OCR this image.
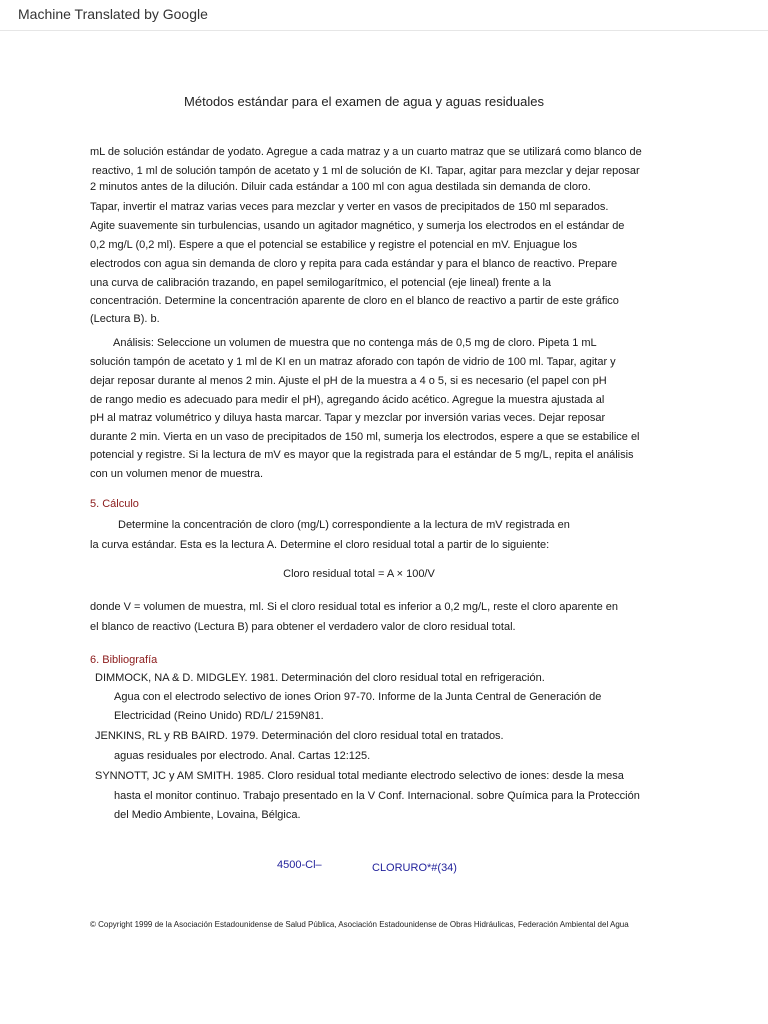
Machine Translated by Google
Métodos estándar para el examen de agua y aguas residuales
mL de solución estándar de yodato. Agregue a cada matraz y a un cuarto matraz que se utilizará como blanco de
reactivo, 1 ml de solución tampón de acetato y 1 ml de solución de KI. Tapar, agitar para mezclar y dejar reposar
2 minutos antes de la dilución. Diluir cada estándar a 100 ml con agua destilada sin demanda de cloro.
Tapar, invertir el matraz varias veces para mezclar y verter en vasos de precipitados de 150 ml separados.
Agite suavemente sin turbulencias, usando un agitador magnético, y sumerja los electrodos en el estándar de
0,2 mg/L (0,2 ml). Espere a que el potencial se estabilice y registre el potencial en mV. Enjuague los
electrodos con agua sin demanda de cloro y repita para cada estándar y para el blanco de reactivo. Prepare
una curva de calibración trazando, en papel semilogarítmico, el potencial (eje lineal) frente a la
concentración. Determine la concentración aparente de cloro en el blanco de reactivo a partir de este gráfico
(Lectura B). b.
Análisis: Seleccione un volumen de muestra que no contenga más de 0,5 mg de cloro. Pipeta 1 mL
solución tampón de acetato y 1 ml de KI en un matraz aforado con tapón de vidrio de 100 ml. Tapar, agitar y
dejar reposar durante al menos 2 min. Ajuste el pH de la muestra a 4 o 5, si es necesario (el papel con pH
de rango medio es adecuado para medir el pH), agregando ácido acético. Agregue la muestra ajustada al
pH al matraz volumétrico y diluya hasta marcar. Tapar y mezclar por inversión varias veces. Dejar reposar
durante 2 min. Vierta en un vaso de precipitados de 150 ml, sumerja los electrodos, espere a que se estabilice el
potencial y registre. Si la lectura de mV es mayor que la registrada para el estándar de 5 mg/L, repita el análisis
con un volumen menor de muestra.
5. Cálculo
Determine la concentración de cloro (mg/L) correspondiente a la lectura de mV registrada en
la curva estándar. Esta es la lectura A. Determine el cloro residual total a partir de lo siguiente:
Cloro residual total = A × 100/V
donde V = volumen de muestra, ml. Si el cloro residual total es inferior a 0,2 mg/L, reste el cloro aparente en
el blanco de reactivo (Lectura B) para obtener el verdadero valor de cloro residual total.
6. Bibliografía
DIMMOCK, NA & D. MIDGLEY. 1981. Determinación del cloro residual total en refrigeración.
Agua con el electrodo selectivo de iones Orion 97-70. Informe de la Junta Central de Generación de
Electricidad (Reino Unido) RD/L/ 2159N81.
JENKINS, RL y RB BAIRD. 1979. Determinación del cloro residual total en tratados.
aguas residuales por electrodo. Anal. Cartas 12:125.
SYNNOTT, JC y AM SMITH. 1985. Cloro residual total mediante electrodo selectivo de iones: desde la mesa
hasta el monitor continuo. Trabajo presentado en la V Conf. Internacional. sobre Química para la Protección
del Medio Ambiente, Lovaina, Bélgica.
4500-Cl–	CLORURO*#(34)
© Copyright 1999 de la Asociación Estadounidense de Salud Pública, Asociación Estadounidense de Obras Hidráulicas, Federación Ambiental del Agua
